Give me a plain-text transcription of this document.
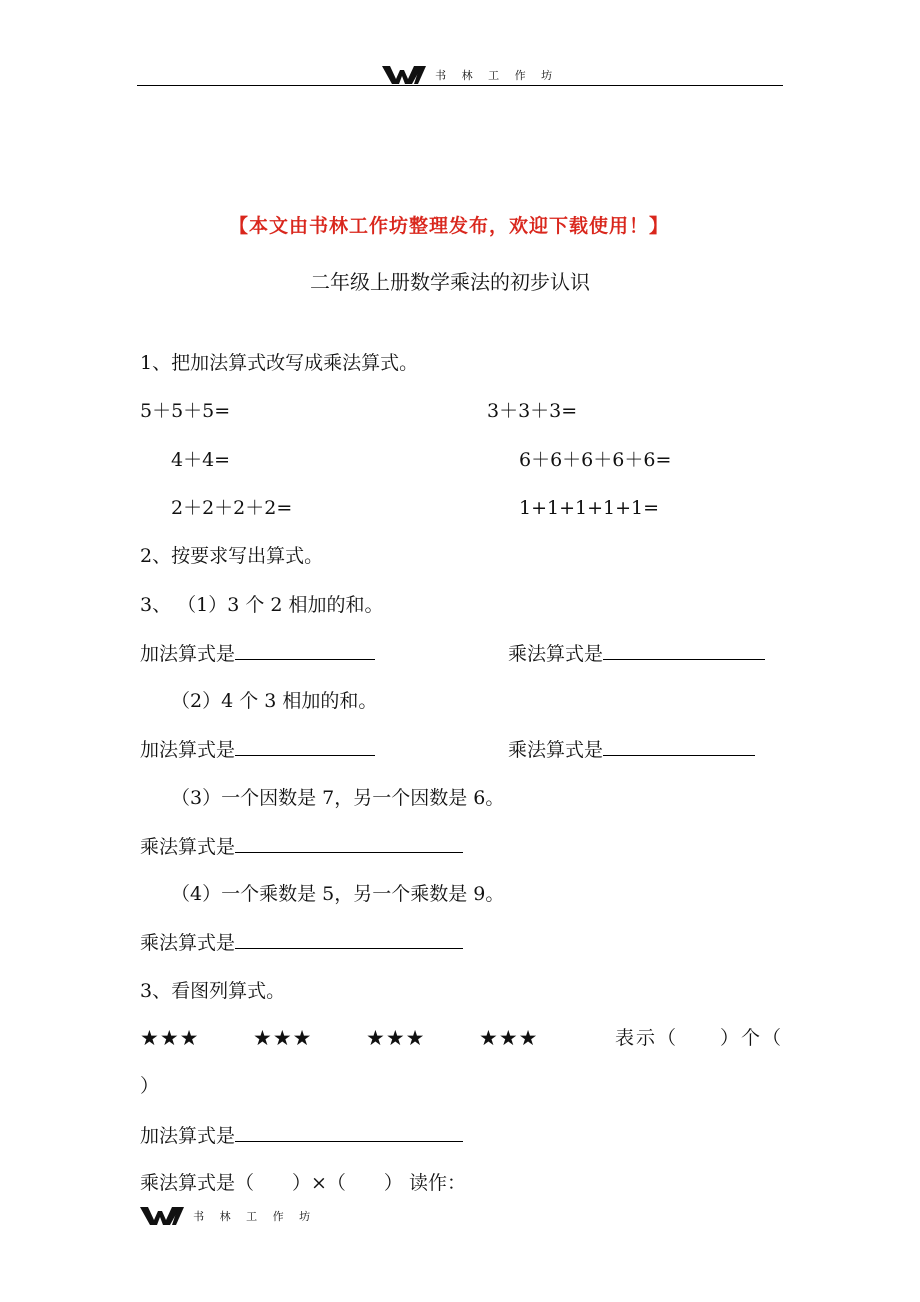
书 林 工 作 坊
【本文由书林工作坊整理发布，欢迎下载使用！】
二年级上册数学乘法的初步认识
1、把加法算式改写成乘法算式。
5＋5＋5=	3＋3＋3=
4＋4=	6＋6＋6＋6＋6=
2＋2＋2＋2=	1+1+1+1+1=
2、按要求写出算式。
3、 （1）3 个 2 相加的和。
加法算式是	乘法算式是
（2）4 个 3 相加的和。
加法算式是	乘法算式是
（3）一个因数是 7，另一个因数是 6。
乘法算式是
（4）一个乘数是 5，另一个乘数是 9。
乘法算式是
3、看图列算式。
★★★	★★★	★★★	★★★	表示（　　）个（
）
加法算式是
乘法算式是（　　）×（　　） 读作：
书 林 工 作 坊
